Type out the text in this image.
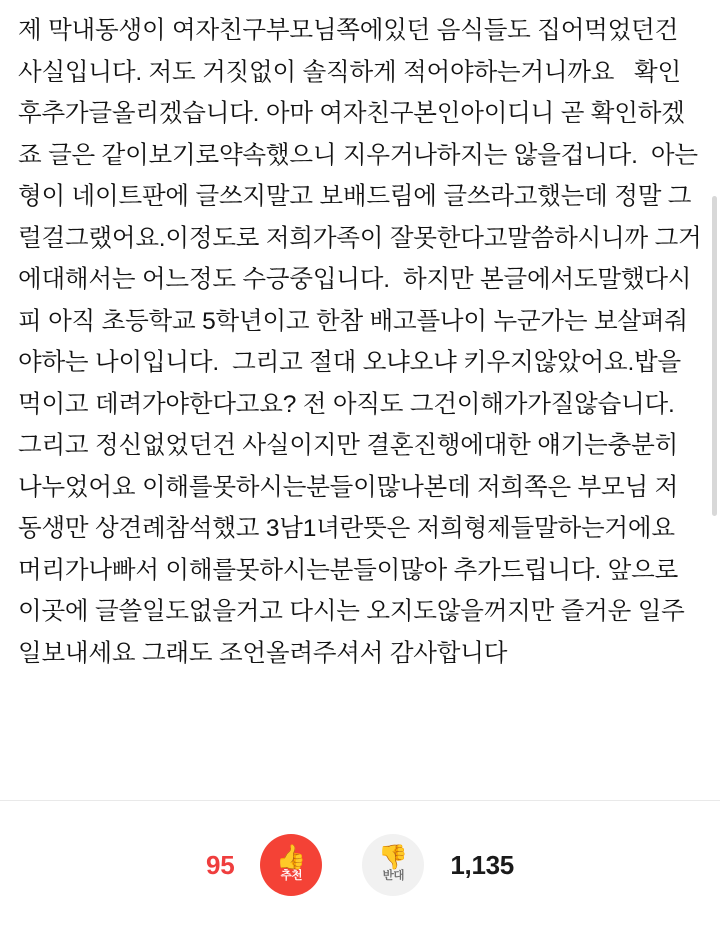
제 막내동생이 여자친구부모님쪽에있던 음식들도 집어먹었던건 사실입니다. 저도 거짓없이 솔직하게 적어야하는거니까요   확인후추가글올리겠습니다. 아마 여자친구본인아이디니 곧 확인하겠죠 글은 같이보기로약속했으니 지우거나하지는 않을겁니다.  아는형이 네이트판에 글쓰지말고 보배드림에 글쓰라고했는데 정말 그럴걸그랬어요.이정도로 저희가족이 잘못한다고말씀하시니까 그거에대해서는 어느정도 수긍중입니다.  하지만 본글에서도말했다시피 아직 초등학교 5학년이고 한참 배고플나이 누군가는 보살펴줘야하는 나이입니다.  그리고 절대 오냐오냐 키우지않았어요.밥을먹이고 데려가야한다고요? 전 아직도 그건이해가가질않습니다. 그리고 정신없었던건 사실이지만 결혼진행에대한 얘기는충분히 나누었어요 이해를못하시는분들이많나본데 저희쪽은 부모님 저 동생만 상견례참석했고 3남1녀란뜻은 저희형제들말하는거에요   머리가나빠서 이해를못하시는분들이많아 추가드립니다. 앞으로 이곳에 글쓸일도없을거고 다시는 오지도않을꺼지만 즐거운 일주일보내세요 그래도 조언올려주셔서 감사합니다
95 👍
추천
👎
반대 1,135
